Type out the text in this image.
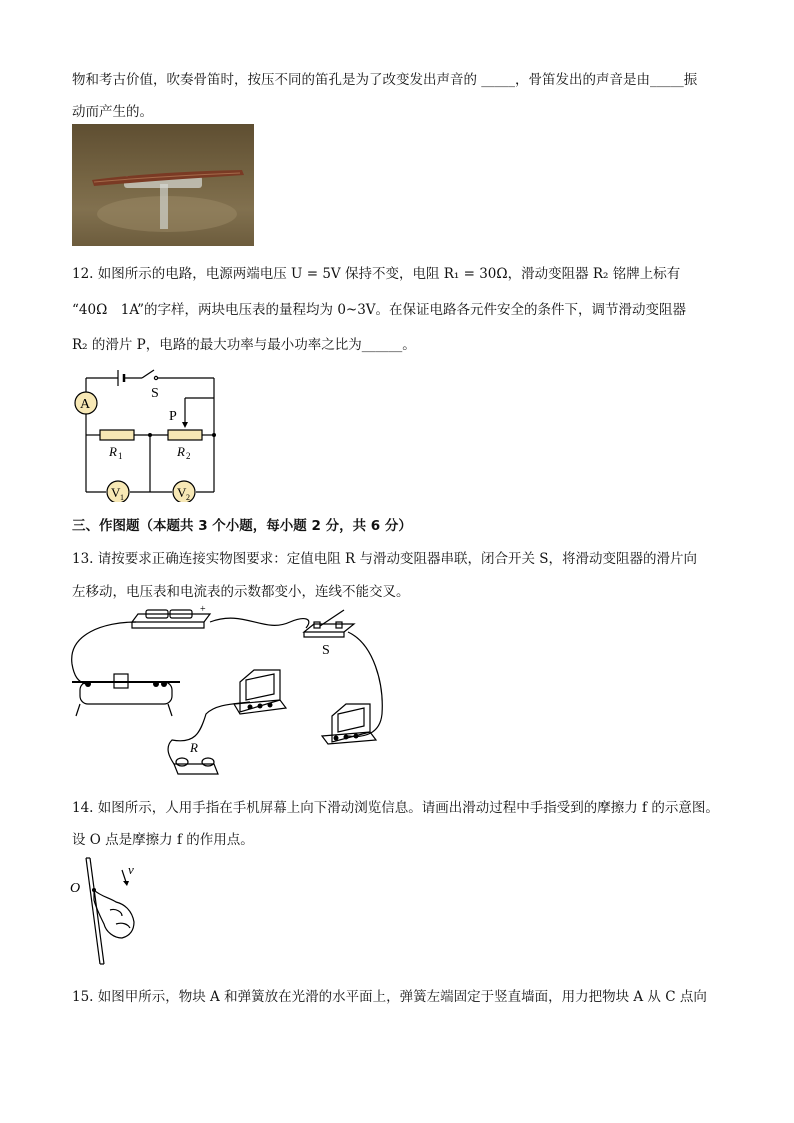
物和考古价值，吹奏骨笛时，按压不同的笛孔是为了改变发出声音的 _____，骨笛发出的声音是由_____振
动而产生的。
12. 如图所示的电路，电源两端电压 U = 5V 保持不变，电阻 R₁ = 30Ω，滑动变阻器 R₂ 铭牌上标有
“40Ω　1A”的字样，两块电压表的量程均为 0~3V。在保证电路各元件安全的条件下，调节滑动变阻器
R₂ 的滑片 P，电路的最大功率与最小功率之比为______。
A
S
P
R 1	R 2
V 1	V 2
三、作图题（本题共 3 个小题，每小题 2 分，共 6 分）
13. 请按要求正确连接实物图要求：定值电阻 R 与滑动变阻器串联，闭合开关 S，将滑动变阻器的滑片向
左移动，电压表和电流表的示数都变小，连线不能交叉。
S
R
+
14. 如图所示，人用手指在手机屏幕上向下滑动浏览信息。请画出滑动过程中手指受到的摩擦力 f 的示意图。
设 O 点是摩擦力 f 的作用点。
O
v
15. 如图甲所示，物块 A 和弹簧放在光滑的水平面上，弹簧左端固定于竖直墙面，用力把物块 A 从 C 点向
